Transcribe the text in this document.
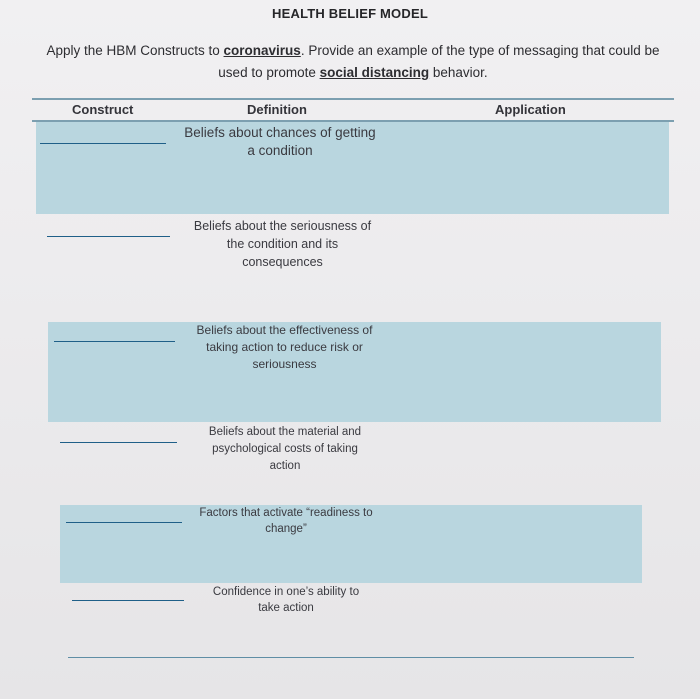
HEALTH BELIEF MODEL
Apply the HBM Constructs to coronavirus. Provide an example of the type of messaging that could be used to promote social distancing behavior.
Construct	Definition	Application
Beliefs about chances of getting a condition
Beliefs about the seriousness of the condition and its consequences
Beliefs about the effectiveness of taking action to reduce risk or seriousness
Beliefs about the material and psychological costs of taking action
Factors that activate “readiness to change”
Confidence in one’s ability to take action
